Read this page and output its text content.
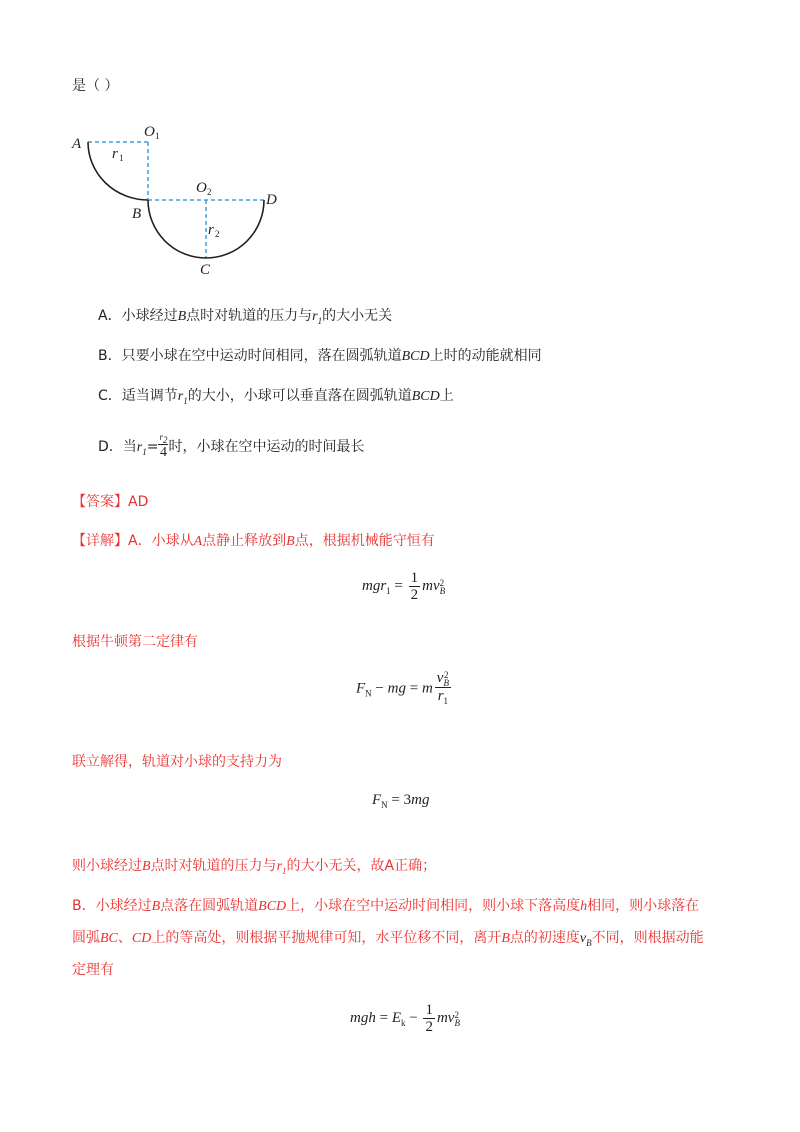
是（ ）
A
O 1
r 1
B
O 2	D
r 2
C
A．小球经过B点时对轨道的压力与$r_1$的大小无关
B．只要小球在空中运动时间相同，落在圆弧轨道BCD上时的动能就相同
C．适当调节$r_1$的大小，小球可以垂直落在圆弧轨道BCD上
D．当$r_1= \frac{r_2}{4}$ 时，小球在空中运动的时间最长
【答案】AD
【详解】A．小球从A点静止释放到B点，根据机械能守恒有
$mgr_1 = \frac{1}{2}$ mv 2
B
根据牛顿第二定律有
$F_N$ − mg = m v 2
B
$r_1$
联立解得，轨道对小球的支持力为
$F_N = 3mg$
则小球经过B点时对轨道的压力与$r_1$的大小无关，故A正确；
B．小球经过B点落在圆弧轨道BCD上，小球在空中运动时间相同，则小球下落高度h相同，则小球落在
圆弧BC、CD上的等高处，则根据平抛规律可知，水平位移不同，离开B点的初速度$v_B$不同，则根据动能
定理有
mgh = $E_k - \frac{1}{2}$ mv 2
B
